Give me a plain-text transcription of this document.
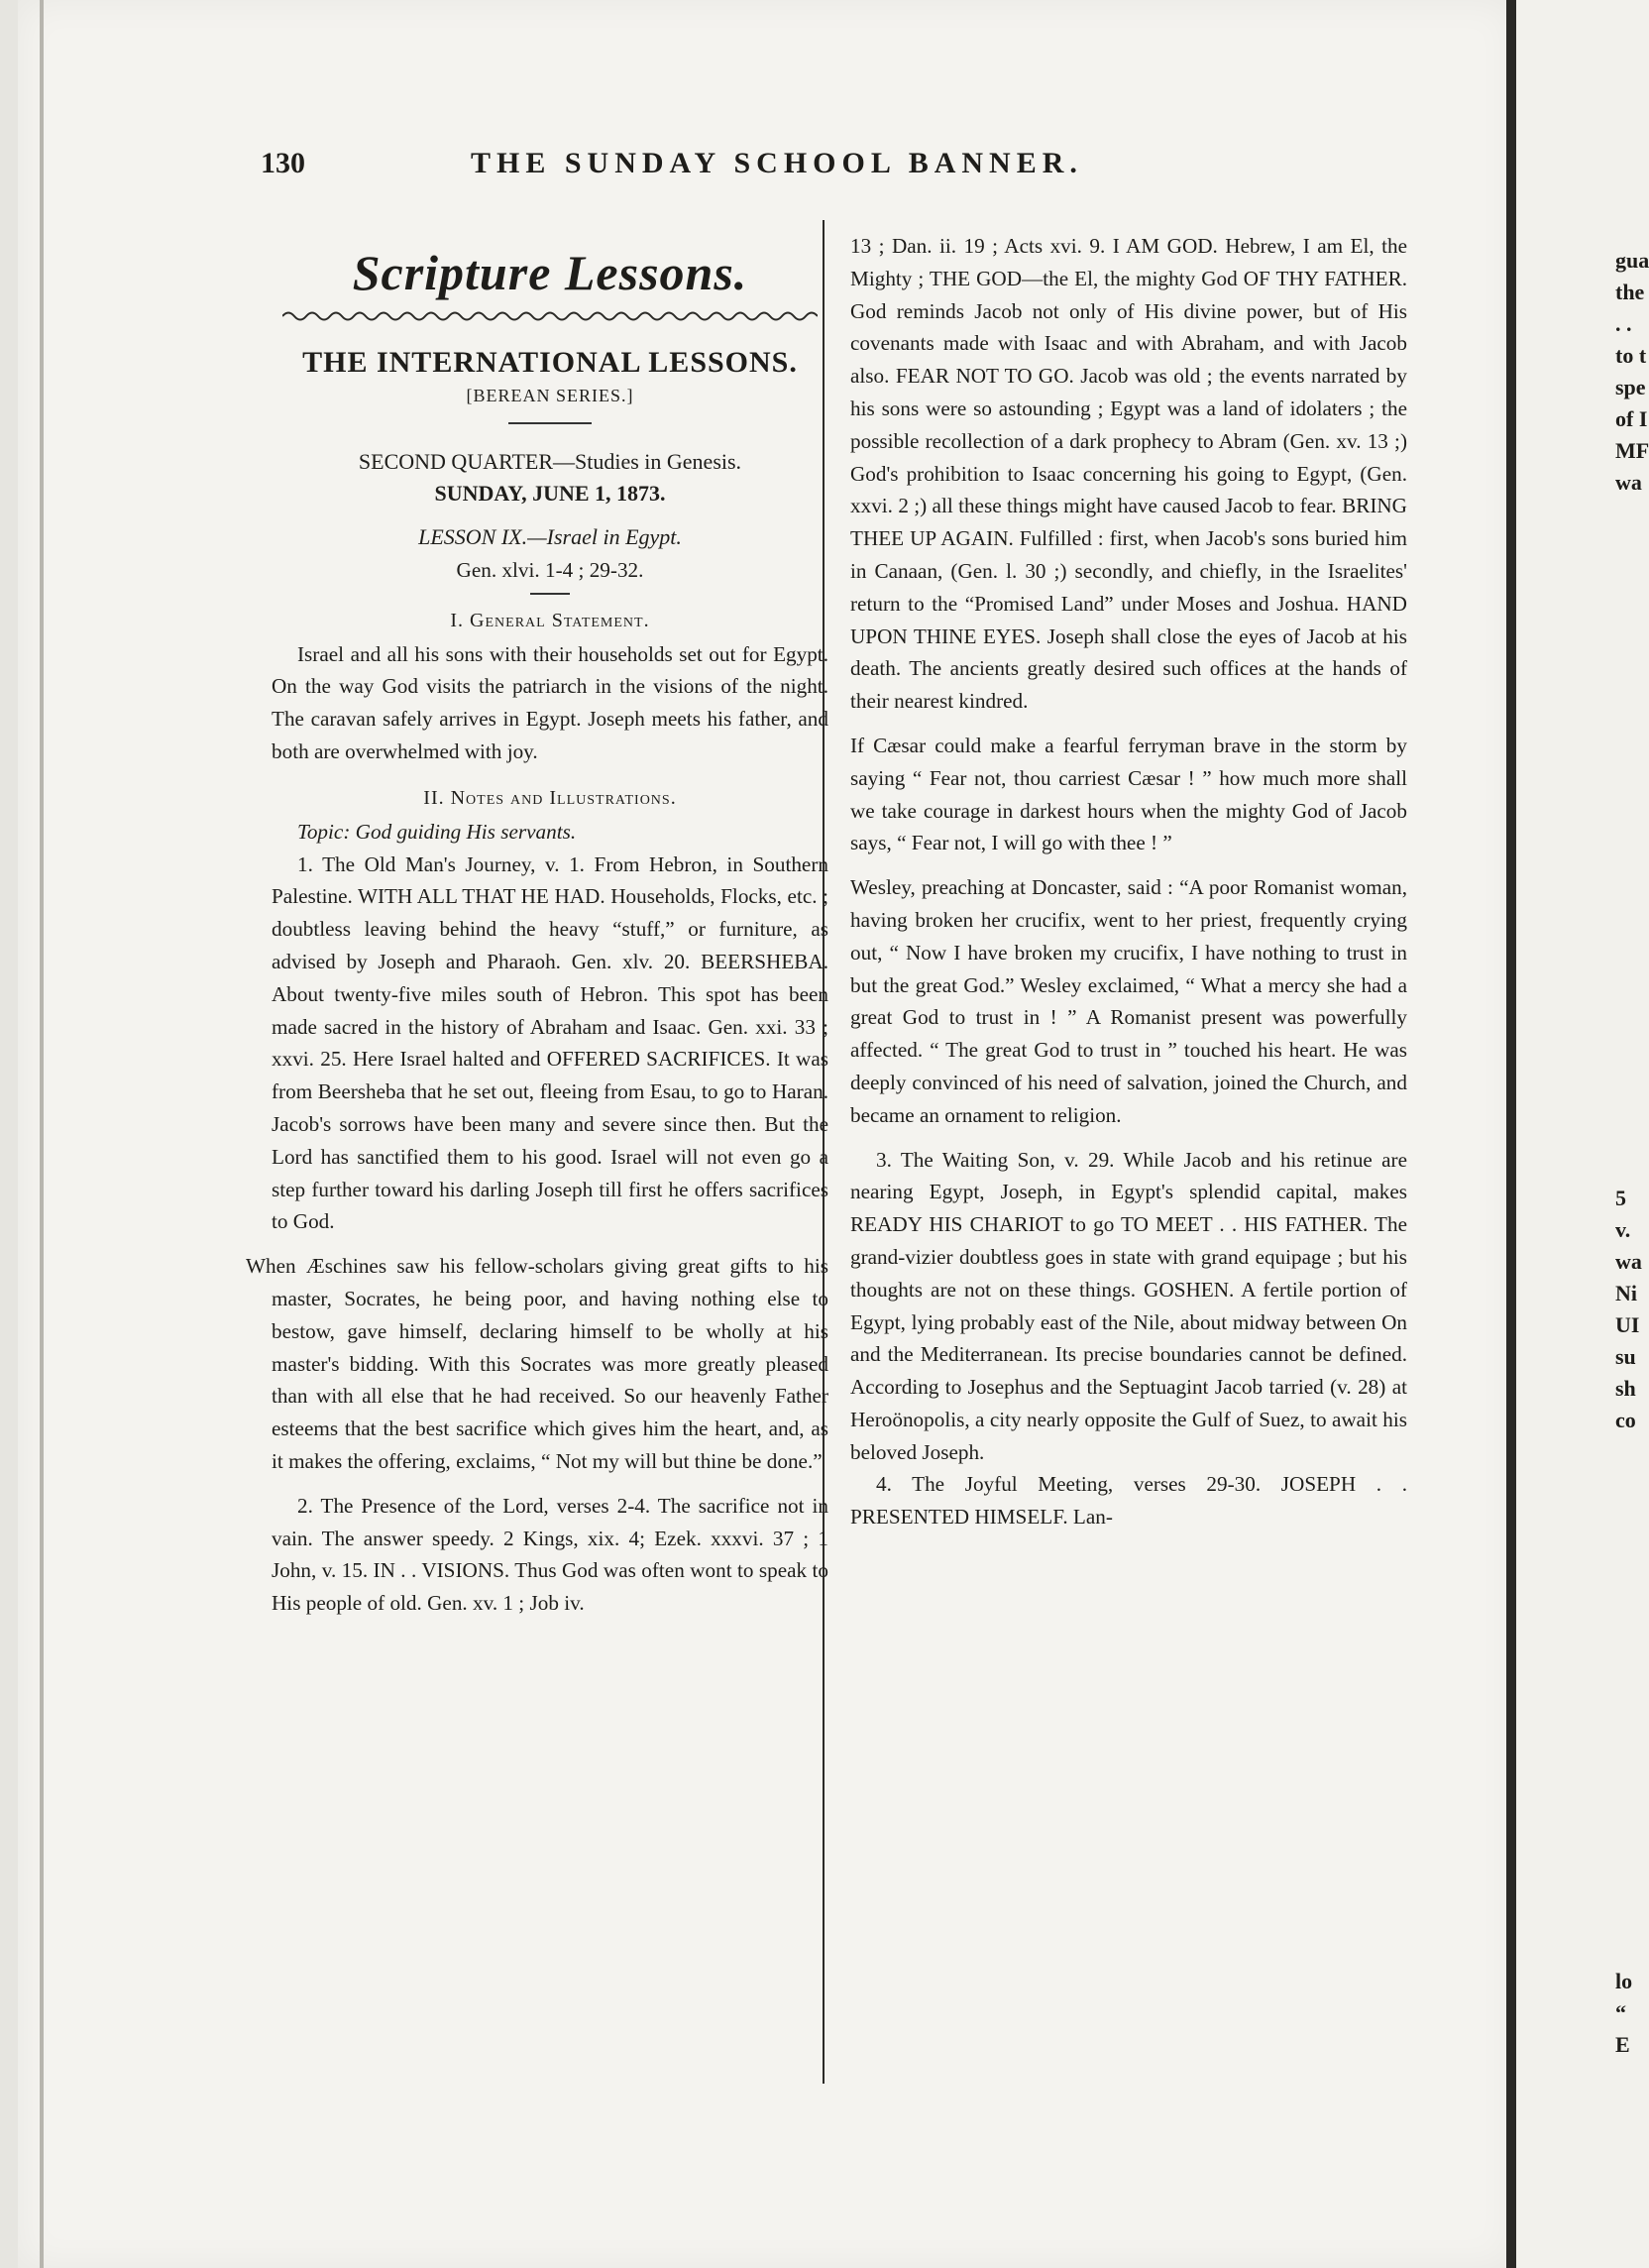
gua
the
. .
to t
spe
of I
MF
wa
5
v.
wa
Ni
UI
su
sh
co
lo
“
E
130	THE SUNDAY SCHOOL BANNER.
Scripture Lessons.
THE INTERNATIONAL LESSONS.
[BEREAN SERIES.]
SECOND QUARTER—Studies in Genesis.
SUNDAY, JUNE 1, 1873.
LESSON IX.—Israel in Egypt.
Gen. xlvi. 1-4 ; 29-32.
I. General Statement.

Israel and all his sons with their households set out for Egypt. On the way God visits the patriarch in the visions of the night. The caravan safely arrives in Egypt. Joseph meets his father, and both are overwhelmed with joy.

II. Notes and Illustrations.

Topic: God guiding His servants.

1. The Old Man's Journey, v. 1. From Hebron, in Southern Palestine. WITH ALL THAT HE HAD. Households, Flocks, etc. ; doubtless leaving behind the heavy “stuff,” or furniture, as advised by Joseph and Pharaoh. Gen. xlv. 20. BEERSHEBA. About twenty-five miles south of Hebron. This spot has been made sacred in the history of Abraham and Isaac. Gen. xxi. 33 ; xxvi. 25. Here Israel halted and OFFERED SACRIFICES. It was from Beersheba that he set out, fleeing from Esau, to go to Haran. Jacob's sorrows have been many and severe since then. But the Lord has sanctified them to his good. Israel will not even go a step further toward his darling Joseph till first he offers sacrifices to God.

When Æschines saw his fellow-scholars giving great gifts to his master, Socrates, he being poor, and having nothing else to bestow, gave himself, declaring himself to be wholly at his master's bidding. With this Socrates was more greatly pleased than with all else that he had received. So our heavenly Father esteems that the best sacrifice which gives him the heart, and, as it makes the offering, exclaims, “ Not my will but thine be done.”

2. The Presence of the Lord, verses 2-4. The sacrifice not in vain. The answer speedy. 2 Kings, xix. 4; Ezek. xxxvi. 37 ; 1 John, v. 15. IN . . VISIONS. Thus God was often wont to speak to His people of old. Gen. xv. 1 ; Job iv.

13 ; Dan. ii. 19 ; Acts xvi. 9. I AM GOD. Hebrew, I am El, the Mighty ; THE GOD—the El, the mighty God OF THY FATHER. God reminds Jacob not only of His divine power, but of His covenants made with Isaac and with Abraham, and with Jacob also. FEAR NOT TO GO. Jacob was old ; the events narrated by his sons were so astounding ; Egypt was a land of idolaters ; the possible recollection of a dark prophecy to Abram (Gen. xv. 13 ;) God's prohibition to Isaac concerning his going to Egypt, (Gen. xxvi. 2 ;) all these things might have caused Jacob to fear. BRING THEE UP AGAIN. Fulfilled : first, when Jacob's sons buried him in Canaan, (Gen. l. 30 ;) secondly, and chiefly, in the Israelites' return to the “Promised Land” under Moses and Joshua. HAND UPON THINE EYES. Joseph shall close the eyes of Jacob at his death. The ancients greatly desired such offices at the hands of their nearest kindred.

If Cæsar could make a fearful ferryman brave in the storm by saying “ Fear not, thou carriest Cæsar ! ” how much more shall we take courage in darkest hours when the mighty God of Jacob says, “ Fear not, I will go with thee ! ”

Wesley, preaching at Doncaster, said : “A poor Romanist woman, having broken her crucifix, went to her priest, frequently crying out, “ Now I have broken my crucifix, I have nothing to trust in but the great God.” Wesley exclaimed, “ What a mercy she had a great God to trust in ! ” A Romanist present was powerfully affected. “ The great God to trust in ” touched his heart. He was deeply convinced of his need of salvation, joined the Church, and became an ornament to religion.

3. The Waiting Son, v. 29. While Jacob and his retinue are nearing Egypt, Joseph, in Egypt's splendid capital, makes READY HIS CHARIOT to go TO MEET . . HIS FATHER. The grand-vizier doubtless goes in state with grand equipage ; but his thoughts are not on these things. GOSHEN. A fertile portion of Egypt, lying probably east of the Nile, about midway between On and the Mediterranean. Its precise boundaries cannot be defined. According to Josephus and the Septuagint Jacob tarried (v. 28) at Heroönopolis, a city nearly opposite the Gulf of Suez, to await his beloved Joseph.

4. The Joyful Meeting, verses 29-30. JOSEPH . . PRESENTED HIMSELF. Lan-
